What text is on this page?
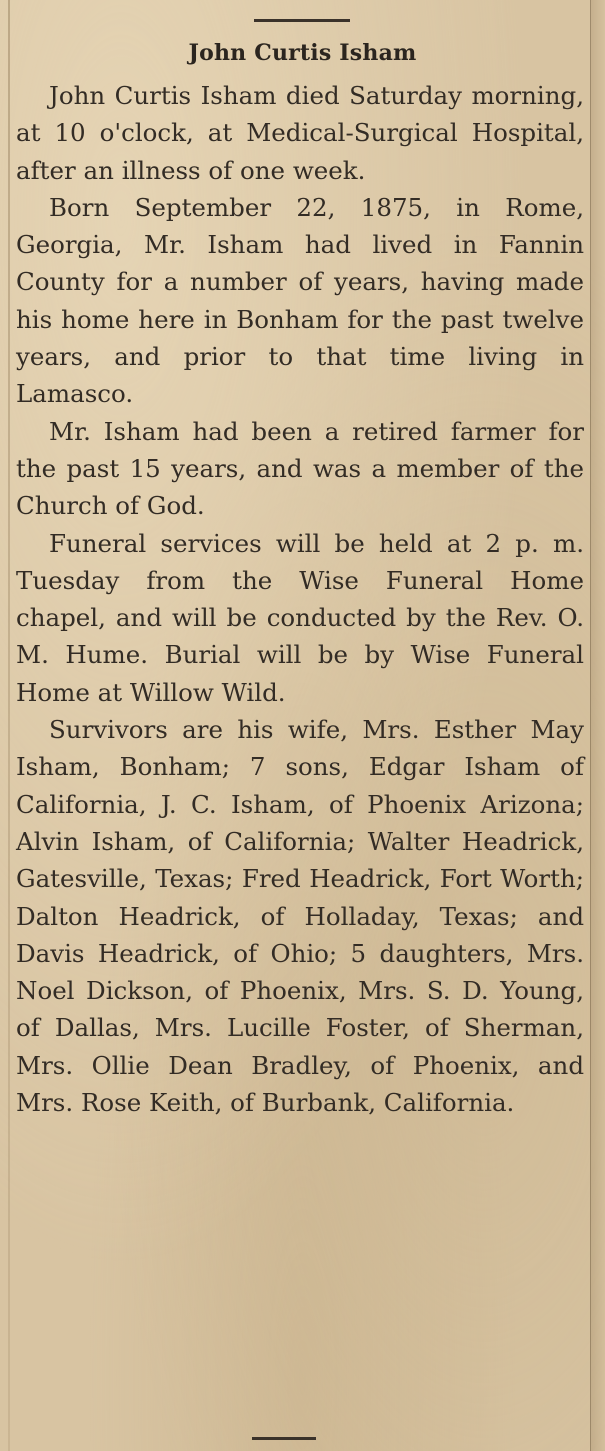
John Curtis Isham

John Curtis Isham died Saturday morning, at 10 o'clock, at Medical-Surgical Hospital, after an illness of one week.

Born September 22, 1875, in Rome, Georgia, Mr. Isham had lived in Fannin County for a number of years, having made his home here in Bonham for the past twelve years, and prior to that time living in Lamasco.

Mr. Isham had been a retired farmer for the past 15 years, and was a member of the Church of God.

Funeral services will be held at 2 p. m. Tuesday from the Wise Funeral Home chapel, and will be conducted by the Rev. O. M. Hume. Burial will be by Wise Funeral Home at Willow Wild.

Survivors are his wife, Mrs. Esther May Isham, Bonham; 7 sons, Edgar Isham of California, J. C. Isham, of Phoenix Arizona; Alvin Isham, of California; Walter Headrick, Gatesville, Texas; Fred Headrick, Fort Worth; Dalton Headrick, of Holladay, Texas; and Davis Headrick, of Ohio; 5 daughters, Mrs. Noel Dickson, of Phoenix, Mrs. S. D. Young, of Dallas, Mrs. Lucille Foster, of Sherman, Mrs. Ollie Dean Bradley, of Phoenix, and Mrs. Rose Keith, of Burbank, California.
